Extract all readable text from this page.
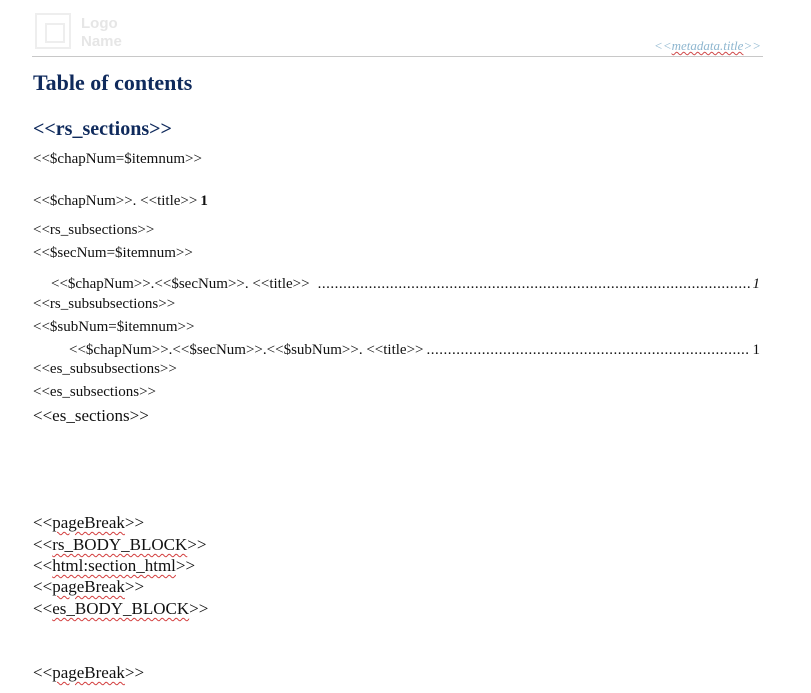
Logo
Name	<<metadata.title>>
Table of contents
<<rs_sections>>
<<$chapNum=$itemnum>>
<<$chapNum>>. <<title>> 1
<<rs_subsections>>
<<$secNum=$itemnum>>
<<$chapNum>>.<<$secNum>>. <<title>> .....	1
<<rs_subsubsections>>
<<$subNum=$itemnum>>
<<$chapNum>>.<<$secNum>>.<<$subNum>>. <<title>> .....	1
<<es_subsubsections>>
<<es_subsections>>
<<es_sections>>
<<pageBreak>>
<<rs_BODY_BLOCK>>
<<html:section_html>>
<<pageBreak>>
<<es_BODY_BLOCK>>
<<pageBreak>>
